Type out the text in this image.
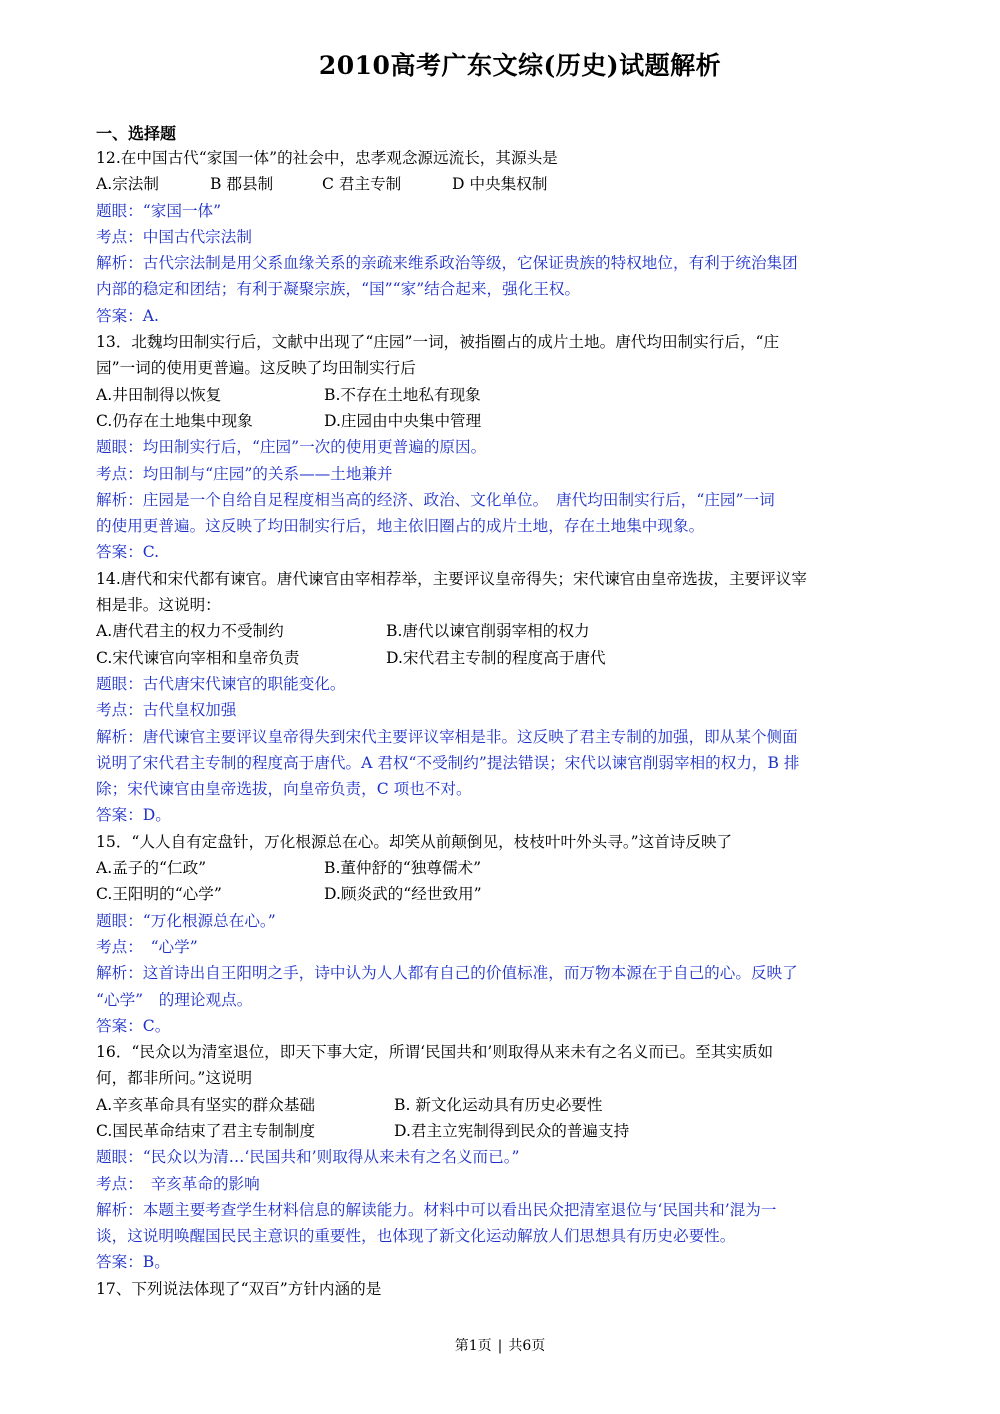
2010高考广东文综(历史)试题解析
一、选择题
12.在中国古代“家国一体”的社会中，忠孝观念源远流长，其源头是
A.宗法制	B 郡县制	C 君主专制	D 中央集权制
题眼：“家国一体”
考点：中国古代宗法制
解析：古代宗法制是用父系血缘关系的亲疏来维系政治等级，它保证贵族的特权地位，有利于统治集团
内部的稳定和团结；有利于凝聚宗族，“国”“家”结合起来，强化王权。
答案：A.
13．北魏均田制实行后，文献中出现了“庄园”一词，被指圈占的成片土地。唐代均田制实行后，“庄
园”一词的使用更普遍。这反映了均田制实行后
A.井田制得以恢复	B.不存在土地私有现象
C.仍存在土地集中现象	D.庄园由中央集中管理
题眼：均田制实行后，“庄园”一次的使用更普遍的原因。
考点：均田制与“庄园”的关系——土地兼并
解析：庄园是一个自给自足程度相当高的经济、政治、文化单位。　唐代均田制实行后，“庄园”一词
的使用更普遍。这反映了均田制实行后，地主依旧圈占的成片土地，存在土地集中现象。
答案：C.
14.唐代和宋代都有谏官。唐代谏官由宰相荐举，主要评议皇帝得失；宋代谏官由皇帝选拔，主要评议宰
相是非。这说明：
A.唐代君主的权力不受制约	B.唐代以谏官削弱宰相的权力
C.宋代谏官向宰相和皇帝负责	D.宋代君主专制的程度高于唐代
题眼：古代唐宋代谏官的职能变化。
考点：古代皇权加强
解析：唐代谏官主要评议皇帝得失到宋代主要评议宰相是非。这反映了君主专制的加强，即从某个侧面
说明了宋代君主专制的程度高于唐代。A 君权“不受制约”提法错误；宋代以谏官削弱宰相的权力，B 排
除；宋代谏官由皇帝选拔，向皇帝负责，C 项也不对。
答案：D。
15．“人人自有定盘针，万化根源总在心。却笑从前颠倒见，枝枝叶叶外头寻。”这首诗反映了
A.孟子的“仁政”	B.董仲舒的“独尊儒术”
C.王阳明的“心学”	D.顾炎武的“经世致用”
题眼：“万化根源总在心。”
考点：　“心学”
解析：这首诗出自王阳明之手，诗中认为人人都有自己的价值标准，而万物本源在于自己的心。反映了
“心学”　的理论观点。
答案：C。
16．“民众以为清室退位，即天下事大定，所谓‘民国共和’则取得从来未有之名义而已。至其实质如
何，都非所问。”这说明
A.辛亥革命具有坚实的群众基础	B. 新文化运动具有历史必要性
C.国民革命结束了君主专制制度	D.君主立宪制得到民众的普遍支持
题眼：“民众以为清…‘民国共和’则取得从来未有之名义而已。”
考点：　辛亥革命的影响
解析：本题主要考查学生材料信息的解读能力。材料中可以看出民众把清室退位与‘民国共和’混为一
谈，这说明唤醒国民民主意识的重要性，也体现了新文化运动解放人们思想具有历史必要性。
答案：B。
17、下列说法体现了“双百”方针内涵的是
第1页 | 共6页
